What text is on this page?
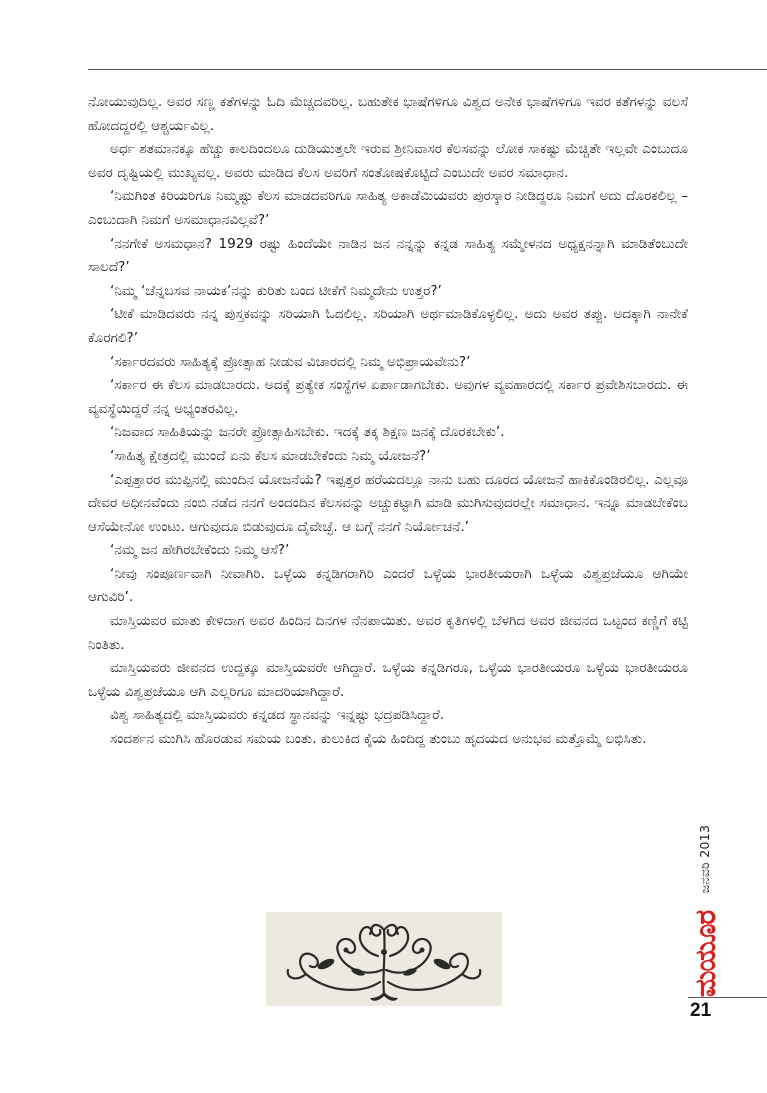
ನೋಯುವುದಿಲ್ಲ. ಅವರ ಸಣ್ಣ ಕತೆಗಳನ್ನು ಓದಿ ಮೆಚ್ಚದವರಿಲ್ಲ. ಬಹುತೇಕ ಭಾಷೆಗಳಿಗೂ ವಿಶ್ವದ ಅನೇಕ ಭಾಷೆಗಳಿಗೂ ಇವರ ಕತೆಗಳನ್ನು ವಲಸೆ ಹೋದದ್ದರಲ್ಲಿ ಆಶ್ಚರ್ಯವಿಲ್ಲ.

ಅರ್ಧ ಶತಮಾನಕ್ಕೂ ಹೆಚ್ಚು ಕಾಲದಿಂದಲೂ ದುಡಿಯುತ್ತಲೇ ಇರುವ ಶ್ರೀನಿವಾಸರ ಕೆಲಸವನ್ನು ಲೋಕ ಸಾಕಷ್ಟು ಮೆಚ್ಚಿತೇ ಇಲ್ಲವೇ ಎಂಬುದೂ ಅವರ ದೃಷ್ಟಿಯಲ್ಲಿ ಮುಖ್ಯವಲ್ಲ. ಅವರು ಮಾಡಿದ ಕೆಲಸ ಅವರಿಗೆ ಸಂತೋಷಕೊಟ್ಟಿದೆ ಎಂಬುದೇ ಅವರ ಸಮಾಧಾನ.

‘ನಿಮಗಿಂತ ಕಿರಿಯರಿಗೂ ನಿಮ್ಮಷ್ಟು ಕೆಲಸ ಮಾಡದವರಿಗೂ ಸಾಹಿತ್ಯ ಅಕಾಡೆಮಿಯವರು ಪುರಸ್ಕಾರ ನೀಡಿದ್ದರೂ ನಿಮಗೆ ಅದು ದೊರಕಲಿಲ್ಲ – ಎಂಬುದಾಗಿ ನಿಮಗೆ ಅಸಮಾಧಾನವಿಲ್ಲವೆ?’

‘ನನಗೇಕೆ ಅಸಮಧಾನ? 1929 ರಷ್ಟು ಹಿಂದೆಯೇ ನಾಡಿನ ಜನ ನನ್ನನ್ನು ಕನ್ನಡ ಸಾಹಿತ್ಯ ಸಮ್ಮೇಳನದ ಅಧ್ಯಕ್ಷನನ್ನಾಗಿ ಮಾಡಿತೆಂಬುದೇ ಸಾಲದೆ?’

‘ನಿಮ್ಮ ‘ಚೆನ್ನಬಸವ ನಾಯಕ’ನನ್ನು ಕುರಿತು ಬಂದ ಟೀಕೆಗೆ ನಿಮ್ಮದೇನು ಉತ್ತರ?’

‘ಟೀಕೆ ಮಾಡಿದವರು ನನ್ನ ಪುಸ್ತಕವನ್ನು ಸರಿಯಾಗಿ ಓದಲಿಲ್ಲ. ಸರಿಯಾಗಿ ಅರ್ಥಮಾಡಿಕೊಳ್ಳಲಿಲ್ಲ. ಅದು ಅವರ ತಪ್ಪು. ಅದಕ್ಕಾಗಿ ನಾನೇಕೆ ಕೊರಗಲಿ?’

‘ಸರ್ಕಾರದವರು ಸಾಹಿತ್ಯಕ್ಕೆ ಪ್ರೋತ್ಸಾಹ ನೀಡುವ ವಿಚಾರದಲ್ಲಿ ನಿಮ್ಮ ಅಭಿಪ್ರಾಯವೇನು?’

‘ಸರ್ಕಾರ ಈ ಕೆಲಸ ಮಾಡಬಾರದು. ಅದಕ್ಕೆ ಪ್ರತ್ಯೇಕ ಸಂಸ್ಥೆಗಳ ಏರ್ಪಾಡಾಗಬೇಕು. ಅವುಗಳ ವ್ಯವಹಾರದಲ್ಲಿ ಸರ್ಕಾರ ಪ್ರವೇಶಿಸಬಾರದು. ಈ ವ್ಯವಸ್ಥೆಯಿದ್ದರೆ ನನ್ನ ಅಭ್ಯಂತರವಿಲ್ಲ.

‘ನಿಜವಾದ ಸಾಹಿತಿಯನ್ನು ಜನರೇ ಪ್ರೋತ್ಸಾಹಿಸಬೇಕು. ಇದಕ್ಕೆ ತಕ್ಕ ಶಿಕ್ಷಣ ಜನಕ್ಕೆ ದೊರಕಬೇಕು’.

‘ಸಾಹಿತ್ಯ ಕ್ಷೇತ್ರದಲ್ಲಿ ಮುಂದೆ ಏನು ಕೆಲಸ ಮಾಡಬೇಕೆಂದು ನಿಮ್ಮ ಯೋಜನೆ?’

‘ಎಪ್ಪತ್ತಾರರ ಮುಪ್ಪಿನಲ್ಲಿ ಮುಂದಿನ ಯೋಜನೆಯೆ? ಇಪ್ಪತ್ತರ ಹರೆಯದಲ್ಲೂ ನಾನು ಬಹು ದೂರದ ಯೋಜನೆ ಹಾಕಿಕೊಂಡಿರಲಿಲ್ಲ. ಎಲ್ಲವೂ ದೇವರ ಅಧೀನವೆಂದು ನಂಬಿ ನಡೆದ ನನಗೆ ಅಂದಂದಿನ ಕೆಲಸವನ್ನು ಅಚ್ಚುಕಟ್ಟಾಗಿ ಮಾಡಿ ಮುಗಿಸುವುದರಲ್ಲೇ ಸಮಾಧಾನ. ಇನ್ನೂ ಮಾಡಬೇಕೆಂಬ ಆಸೆಯೇನೋ ಉಂಟು. ಆಗುವುದೂ ಬಿಡುವುದೂ ದೈವೇಚ್ಛೆ. ಆ ಬಗ್ಗೆ ನನಗೆ ನಿರ್ಯೋಚನೆ.’

‘ನಮ್ಮ ಜನ ಹೇಗಿರಬೇಕೆಂದು ನಿಮ್ಮ ಆಸೆ?’

‘ನೀವು ಸಂಪೂರ್ಣವಾಗಿ ನೀವಾಗಿರಿ. ಒಳ್ಳೆಯ ಕನ್ನಡಿಗರಾಗಿರಿ ಎಂದರೆ ಒಳ್ಳೆಯ ಭಾರತೀಯರಾಗಿ ಒಳ್ಳೆಯ ವಿಶ್ವಪ್ರಜೆಯೂ ಆಗಿಯೇ ಆಗುವಿರಿ’.

ಮಾಸ್ತಿಯವರ ಮಾತು ಕೇಳಿದಾಗ ಅವರ ಹಿಂದಿನ ದಿನಗಳ ನೆನಪಾಯಿತು. ಅವರ ಕೃತಿಗಳಲ್ಲಿ ಬೆಳಗಿದ ಅವರ ಜೀವನದ ಒಟ್ಟಂದ ಕಣ್ಣಿಗೆ ಕಟ್ಟಿ ನಿಂತಿತು.

ಮಾಸ್ತಿಯವರು ಜೀವನದ ಉದ್ದಕ್ಕೂ ಮಾಸ್ತಿಯವರೇ ಆಗಿದ್ದಾರೆ. ಒಳ್ಳೆಯ ಕನ್ನಡಿಗರೂ, ಒಳ್ಳೆಯ ಭಾರತೀಯರೂ ಒಳ್ಳೆಯ ಭಾರತೀಯರೂ ಒಳ್ಳೆಯ ವಿಶ್ವಪ್ರಜೆಯೂ ಆಗಿ ಎಲ್ಲರಿಗೂ ಮಾದರಿಯಾಗಿದ್ದಾರೆ.

ವಿಶ್ವ ಸಾಹಿತ್ಯದಲ್ಲಿ ಮಾಸ್ತಿಯವರು ಕನ್ನಡದ ಸ್ಥಾನವನ್ನು ಇನ್ನಷ್ಟು ಭದ್ರಪಡಿಸಿದ್ದಾರೆ.

ಸಂದರ್ಶನ ಮುಗಿಸಿ ಹೊರಡುವ ಸಮಯ ಬಂತು. ಕುಲುಕಿದ ಕೈಯ ಹಿಂದಿದ್ದ ತುಂಬು ಹೃದಯದ ಅನುಭವ ಮತ್ತೊಮ್ಮೆ ಲಭಿಸಿತು.

ಜನವರಿ 2013
ಮಯೂರ
21
